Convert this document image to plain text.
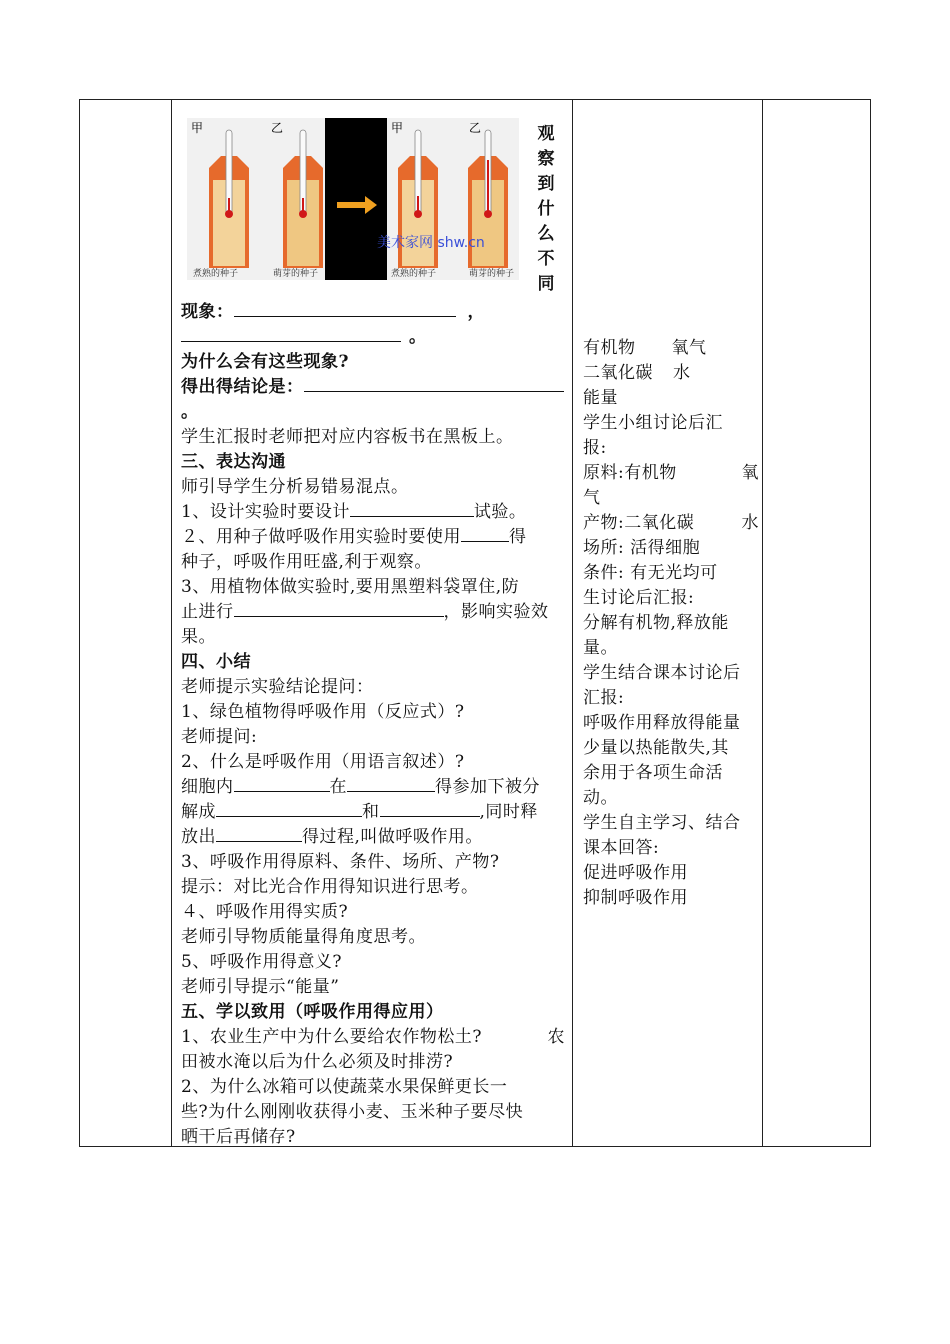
甲	乙	甲	乙
煮熟的种子	萌芽的种子	煮熟的种子	萌芽的种子
美术家网 shw.cn
观
察
到
什
么
不
同
现象：	，
。
为什么会有这些现象?
得出得结论是：
。
学生汇报时老师把对应内容板书在黑板上。
三、表达沟通
师引导学生分析易错易混点。
1、设计实验时要设计	试验。
２、用种子做呼吸作用实验时要使用	得
种子，呼吸作用旺盛,利于观察。
3、用植物体做实验时,要用黑塑料袋罩住,防
止进行	，影响实验效
果。
四、小结
老师提示实验结论提问：
1、绿色植物得呼吸作用（反应式）?
老师提问:
2、什么是呼吸作用（用语言叙述）?
细胞内	在	得参加下被分
解成	和	,同时释
放出	得过程,叫做呼吸作用。
3、呼吸作用得原料、条件、场所、产物?
提示：对比光合作用得知识进行思考。
４、呼吸作用得实质?
老师引导物质能量得角度思考。
5、呼吸作用得意义?
老师引导提示“能量”
五、学以致用（呼吸作用得应用）
1、农业生产中为什么要给农作物松土?	农
田被水淹以后为什么必须及时排涝?
2、为什么冰箱可以使蔬菜水果保鲜更长一
些?为什么刚刚收获得小麦、玉米种子要尽快
晒干后再储存?
有机物 氧气
二氧化碳 水
能量
学生小组讨论后汇
报:
原料:有机物	氧
气
产物:二氧化碳	水
场所: 活得细胞
条件: 有无光均可
生讨论后汇报:
分解有机物,释放能
量。
学生结合课本讨论后
汇报:
呼吸作用释放得能量
少量以热能散失,其
余用于各项生命活
动。
学生自主学习、结合
课本回答:
促进呼吸作用
抑制呼吸作用
